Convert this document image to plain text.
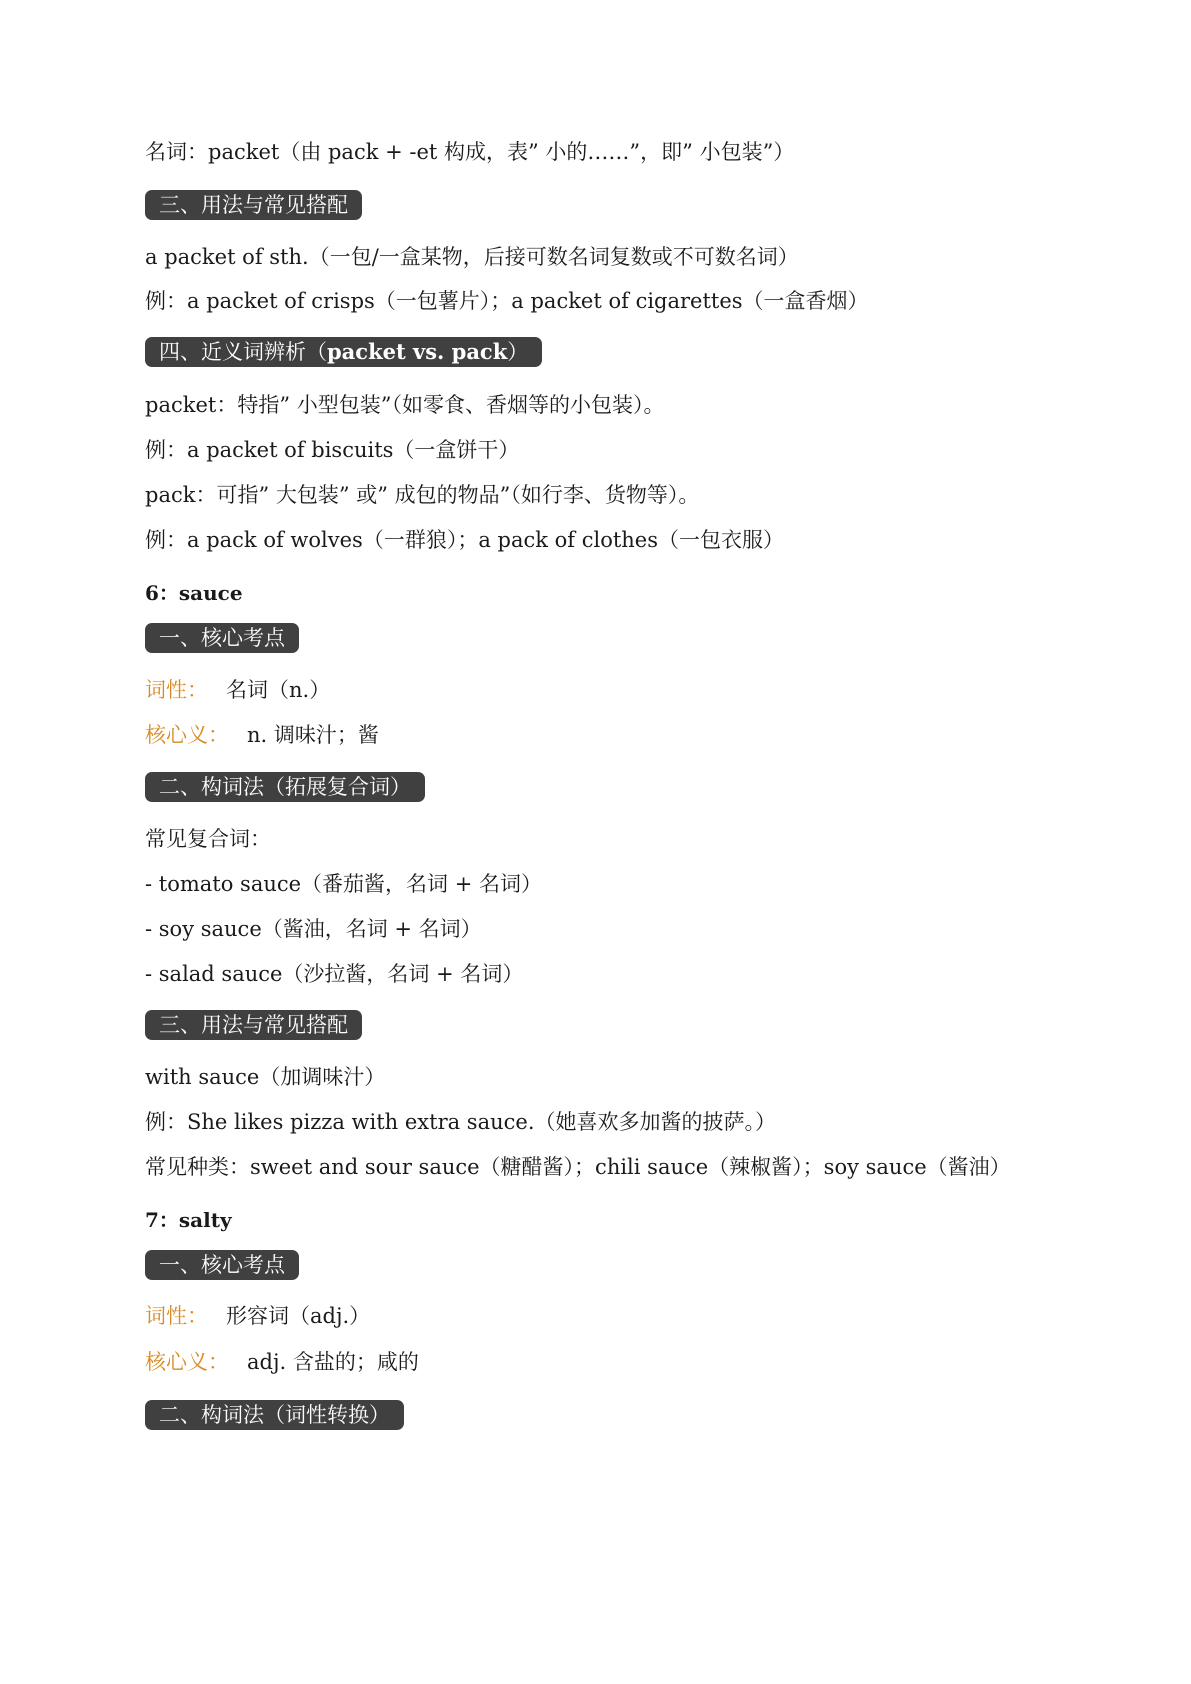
名词：packet（由 pack + -et 构成，表” 小的……”，即” 小包装”）
三、用法与常见搭配
a packet of sth.（一包/一盒某物，后接可数名词复数或不可数名词）
例：a packet of crisps（一包薯片）；a packet of cigarettes（一盒香烟）
四、近义词辨析（packet vs. pack）
packet：特指” 小型包装”（如零食、香烟等的小包装）。
例：a packet of biscuits（一盒饼干）
pack：可指” 大包装” 或” 成包的物品”（如行李、货物等）。
例：a pack of wolves（一群狼）；a pack of clothes（一包衣服）
6：sauce
一、核心考点
词性： 名词（n.）
核心义： n. 调味汁；酱
二、构词法（拓展复合词）
常见复合词：
- tomato sauce（番茄酱，名词 + 名词）
- soy sauce（酱油，名词 + 名词）
- salad sauce（沙拉酱，名词 + 名词）
三、用法与常见搭配
with sauce（加调味汁）
例：She likes pizza with extra sauce.（她喜欢多加酱的披萨。）
常见种类：sweet and sour sauce（糖醋酱）；chili sauce（辣椒酱）；soy sauce（酱油）
7：salty
一、核心考点
词性： 形容词（adj.）
核心义： adj. 含盐的；咸的
二、构词法（词性转换）
